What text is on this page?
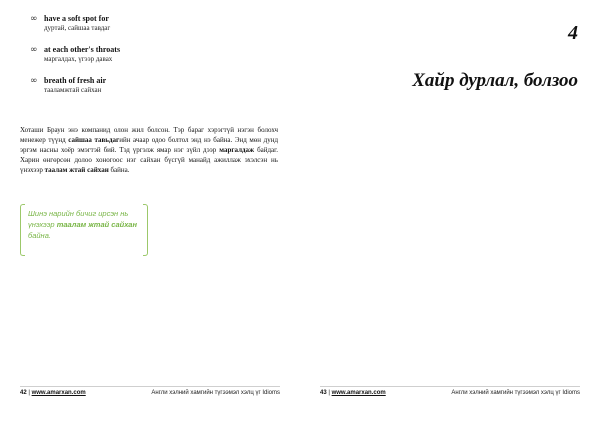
∞ have a soft spot for
дуртай, сайшаа тавдаг
∞ at each other's throats
маргалдах, үгээр давах
∞ breath of fresh air
тааламжтай сайхан
Хоташи Браун энэ компанид олон жил болсон. Тэр бараг хэрэгтүй нэгэн болохч менежер түүнд сайшаа тавьдагийн ачаар одоо болтол энд нэ байна. Энд мөн дунд эргэм насны хоёр эмэгтэй бий. Тэд үргэлж ямар нэг зүйл дээр маргалдаж байдаг. Харин өнгөрсөн долоо хоногоос нэг сайхан бүсгүй манайд ажиллаж эхэлсэн нь үнэхээр таалам жтай сайхан байна.
Шинэ нарийн бичиг ирсэн нь үнэхээр таалам жтай сайхан байна.
42 | www.amarxan.com	Англи хэлний хамгийн түгээмэл хэлц үг Idioms
4
Хайр дурлал, болзоо
43 | www.amarxan.com	Англи хэлний хамгийн түгээмэл хэлц үг Idioms
